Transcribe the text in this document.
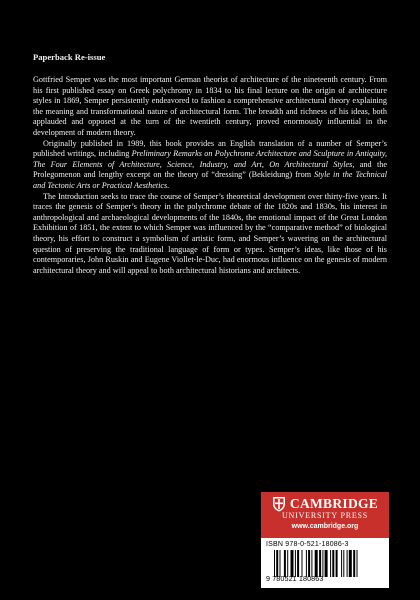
Paperback Re-issue

Gottfried Semper was the most important German theorist of architecture of the nineteenth century. From his first published essay on Greek polychromy in 1834 to his final lecture on the origin of architecture styles in 1869, Semper persistently endeavored to fashion a comprehensive architectural theory explaining the meaning and transformational nature of architectural form. The breadth and richness of his ideas, both applauded and opposed at the turn of the twentieth century, proved enormously influential in the development of modern theory.

Originally published in 1989, this book provides an English translation of a number of Semper’s published writings, including Preliminary Remarks on Polychrome Architecture and Sculpture in Antiquity, The Four Elements of Architecture, Science, Industry, and Art, On Architectural Styles, and the Prolegomenon and lengthy excerpt on the theory of “dressing” (Bekleidung) from Style in the Technical and Tectonic Arts or Practical Aesthetics.

The Introduction seeks to trace the course of Semper’s theoretical development over thirty-five years. It traces the genesis of Semper’s theory in the polychrome debate of the 1820s and 1830s, his interest in anthropological and archaeological developments of the 1840s, the emotional impact of the Great London Exhibition of 1851, the extent to which Semper was influenced by the “comparative method” of biological theory, his effort to construct a symbolism of artistic form, and Semper’s wavering on the architectural question of preserving the traditional language of form or types. Semper’s ideas, like those of his contemporaries, John Ruskin and Eugene Viollet-le-Duc, had enormous influence on the genesis of modern architectural theory and will appeal to both architectural historians and architects.

CAMBRIDGE
UNIVERSITY PRESS
www.cambridge.org
ISBN 978-0-521-18086-3
9 780521 180863
